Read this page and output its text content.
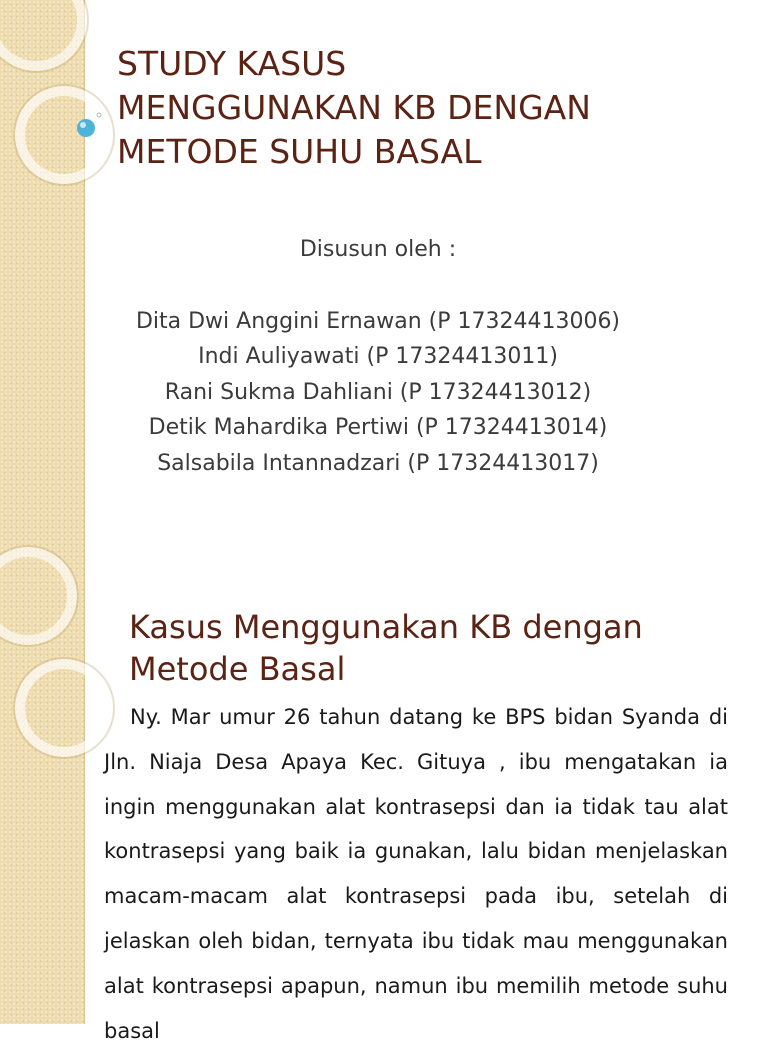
STUDY KASUS
MENGGUNAKAN KB DENGAN
METODE SUHU BASAL
Disusun oleh :
Dita Dwi Anggini Ernawan (P 17324413006)
Indi Auliyawati (P 17324413011)
Rani Sukma Dahliani (P 17324413012)
Detik Mahardika Pertiwi (P 17324413014)
Salsabila Intannadzari (P 17324413017)
Kasus Menggunakan KB dengan
Metode Basal

Ny. Mar umur 26 tahun datang ke BPS bidan Syanda di Jln. Niaja Desa Apaya Kec. Gituya , ibu mengatakan ia ingin menggunakan alat kontrasepsi dan ia tidak tau alat kontrasepsi yang baik ia gunakan, lalu bidan menjelaskan macam-macam alat kontrasepsi pada ibu, setelah di jelaskan oleh bidan, ternyata ibu tidak mau menggunakan alat kontrasepsi apapun, namun ibu memilih metode suhu basal
